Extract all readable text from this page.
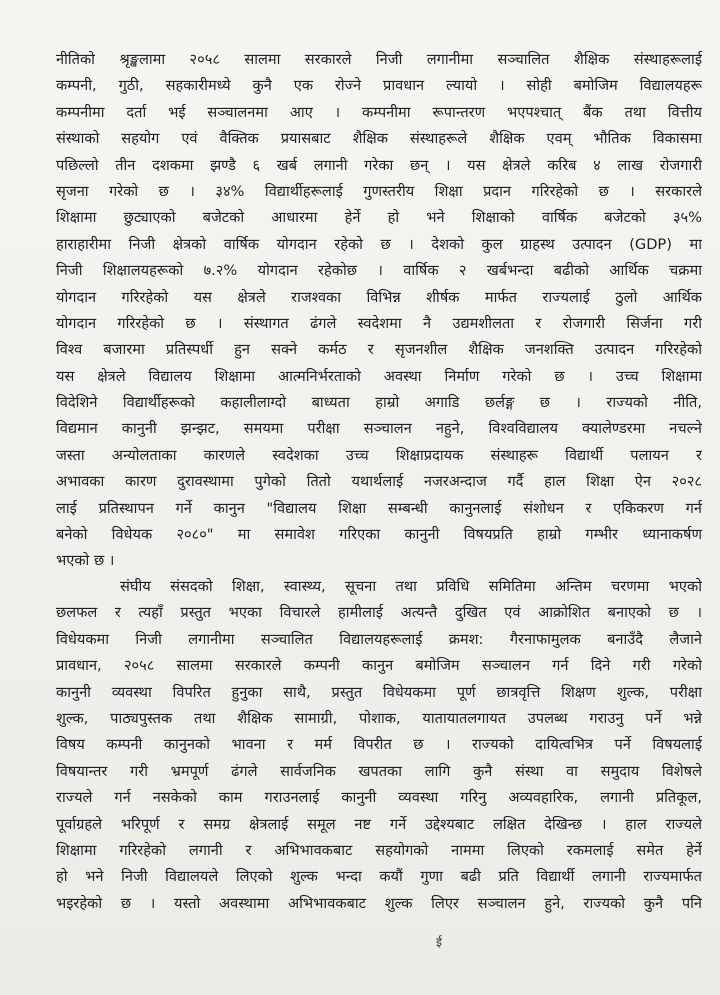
नीतिको श्रृङ्खलामा २०५८ सालमा सरकारले निजी लगानीमा सञ्चालित शैक्षिक संस्थाहरूलाई
कम्पनी, गुठी, सहकारीमध्ये कुनै एक रोज्ने प्रावधान ल्यायो । सोही बमोजिम विद्यालयहरू
कम्पनीमा दर्ता भई सञ्चालनमा आए । कम्पनीमा रूपान्तरण भएपश्चात् बैंक तथा वित्तीय
संस्थाको सहयोग एवं वैक्तिक प्रयासबाट शैक्षिक संस्थाहरूले शैक्षिक एवम् भौतिक विकासमा
पछिल्लो तीन दशकमा झण्डै ६ खर्ब लगानी गरेका छन् । यस क्षेत्रले करिब ४ लाख रोजगारी
सृजना गरेको छ । ३४% विद्यार्थीहरूलाई गुणस्तरीय शिक्षा प्रदान गरिरहेको छ । सरकारले
शिक्षामा छुट्याएको बजेटको आधारमा हेर्ने हो भने शिक्षाको वार्षिक बजेटको ३५%
हाराहारीमा निजी क्षेत्रको वार्षिक योगदान रहेको छ । देशको कुल ग्राहस्थ उत्पादन (GDP) मा
निजी शिक्षालयहरूको ७.२% योगदान रहेकोछ । वार्षिक २ खर्बभन्दा बढीको आर्थिक चक्रमा
योगदान गरिरहेको यस क्षेत्रले राजश्वका विभिन्न शीर्षक मार्फत राज्यलाई ठुलो आर्थिक
योगदान गरिरहेको छ । संस्थागत ढंगले स्वदेशमा नै उद्यमशीलता र रोजगारी सिर्जना गरी
विश्व बजारमा प्रतिस्पर्धी हुन सक्ने कर्मठ र सृजनशील शैक्षिक जनशक्ति उत्पादन गरिरहेको
यस क्षेत्रले विद्यालय शिक्षामा आत्मनिर्भरताको अवस्था निर्माण गरेको छ । उच्च शिक्षामा
विदेशिने विद्यार्थीहरूको कहालीलाग्दो बाध्यता हाम्रो अगाडि छर्लङ्ग छ । राज्यको नीति,
विद्यमान कानुनी झन्झट, समयमा परीक्षा सञ्चालन नहुने, विश्वविद्यालय क्यालेण्डरमा नचल्ने
जस्ता अन्योलताका कारणले स्वदेशका उच्च शिक्षाप्रदायक संस्थाहरू विद्यार्थी पलायन र
अभावका कारण दुरावस्थामा पुगेको तितो यथार्थलाई नजरअन्दाज गर्दै हाल शिक्षा ऐन २०२८
लाई प्रतिस्थापन गर्ने कानुन "विद्यालय शिक्षा सम्बन्धी कानुनलाई संशोधन र एकिकरण गर्न
बनेको विधेयक २०८०" मा समावेश गरिएका कानुनी विषयप्रति हाम्रो गम्भीर ध्यानाकर्षण
भएको छ ।
संघीय संसदको शिक्षा, स्वास्थ्य, सूचना तथा प्रविधि समितिमा अन्तिम चरणमा भएको
छलफल र त्यहाँ प्रस्तुत भएका विचारले हामीलाई अत्यन्तै दुखित एवं आक्रोशित बनाएको छ ।
विधेयकमा निजी लगानीमा सञ्चालित विद्यालयहरूलाई क्रमश: गैरनाफामुलक बनाउँदै लैजाने
प्रावधान, २०५८ सालमा सरकारले कम्पनी कानुन बमोजिम सञ्चालन गर्न दिने गरी गरेको
कानुनी व्यवस्था विपरित हुनुका साथै, प्रस्तुत विधेयकमा पूर्ण छात्रवृत्ति शिक्षण शुल्क, परीक्षा
शुल्क, पाठ्यपुस्तक तथा शैक्षिक सामाग्री, पोशाक, यातायातलगायत उपलब्ध गराउनु पर्ने भन्ने
विषय कम्पनी कानुनको भावना र मर्म विपरीत छ । राज्यको दायित्वभित्र पर्ने विषयलाई
विषयान्तर गरी भ्रमपूर्ण ढंगले सार्वजनिक खपतका लागि कुनै संस्था वा समुदाय विशेषले
राज्यले गर्न नसकेको काम गराउनलाई कानुनी व्यवस्था गरिनु अव्यवहारिक, लगानी प्रतिकूल,
पूर्वाग्रहले भरिपूर्ण र समग्र क्षेत्रलाई समूल नष्ट गर्ने उद्देश्यबाट लक्षित देखिन्छ । हाल राज्यले
शिक्षामा गरिरहेको लगानी र अभिभावकबाट सहयोगको नाममा लिएको रकमलाई समेत हेर्ने
हो भने निजी विद्यालयले लिएको शुल्क भन्दा कयौं गुणा बढी प्रति विद्यार्थी लगानी राज्यमार्फत
भइरहेको छ । यस्तो अवस्थामा अभिभावकबाट शुल्क लिएर सञ्चालन हुने, राज्यको कुनै पनि
ई
